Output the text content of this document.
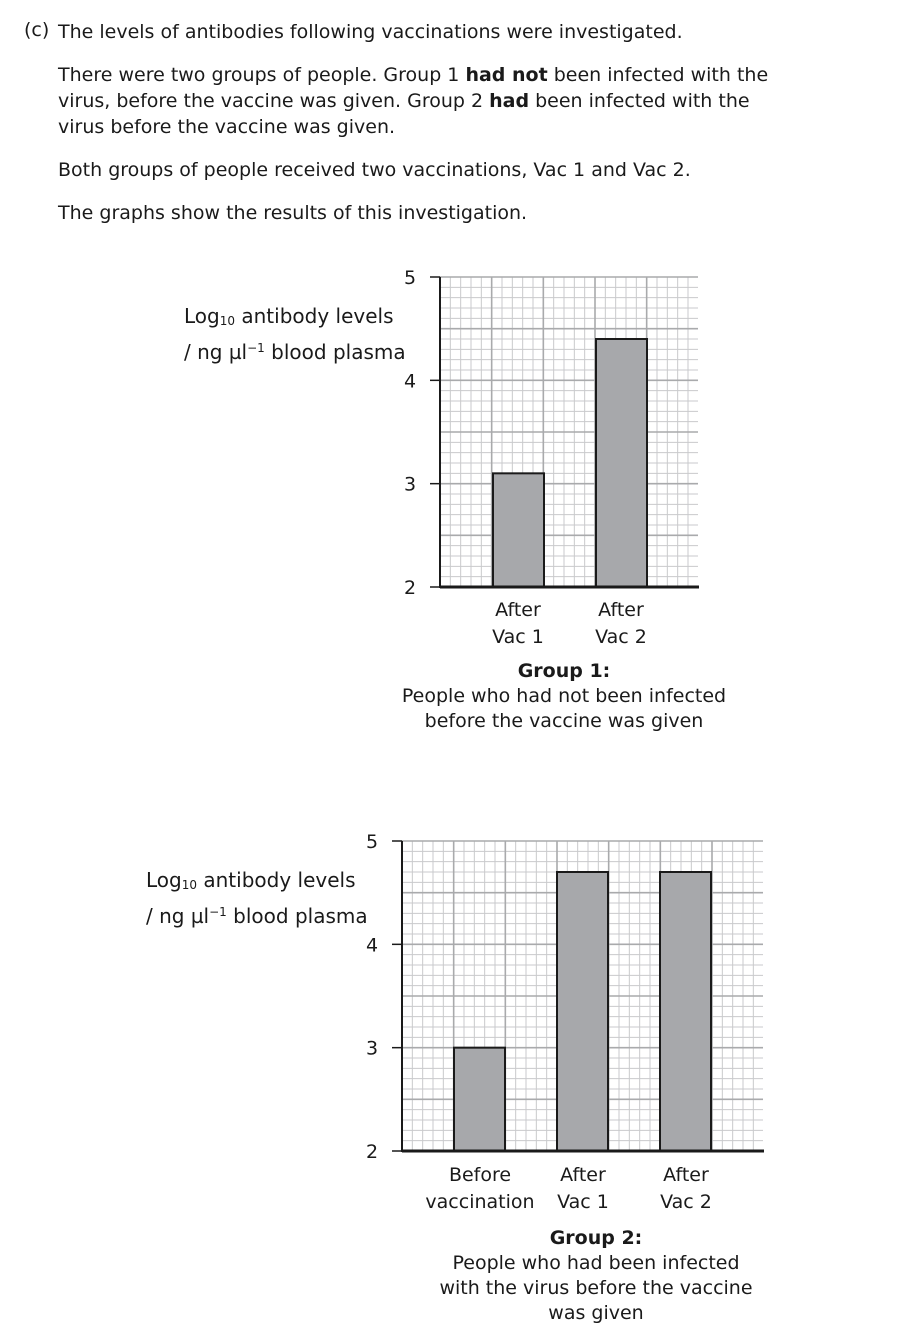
(c) The levels of antibodies following vaccinations were investigated.
There were two groups of people. Group 1 had not been infected with the virus, before the vaccine was given. Group 2 had been infected with the virus before the vaccine was given.
Both groups of people received two vaccinations, Vac 1 and Vac 2.
The graphs show the results of this investigation.
Log$_{10}$ antibody levels
/ ng µl$^{-1}$ blood plasma
Log$_{10}$ antibody levels
/ ng µl$^{-1}$ blood plasma
2
3
4
5
After
Vac 1
After
Vac 2
2
3
4
5
Before
vaccination
After
Vac 1
After
Vac 2
Group 1:
People who had not been infected
before the vaccine was given
Group 2:
People who had been infected
with the virus before the vaccine
was given
